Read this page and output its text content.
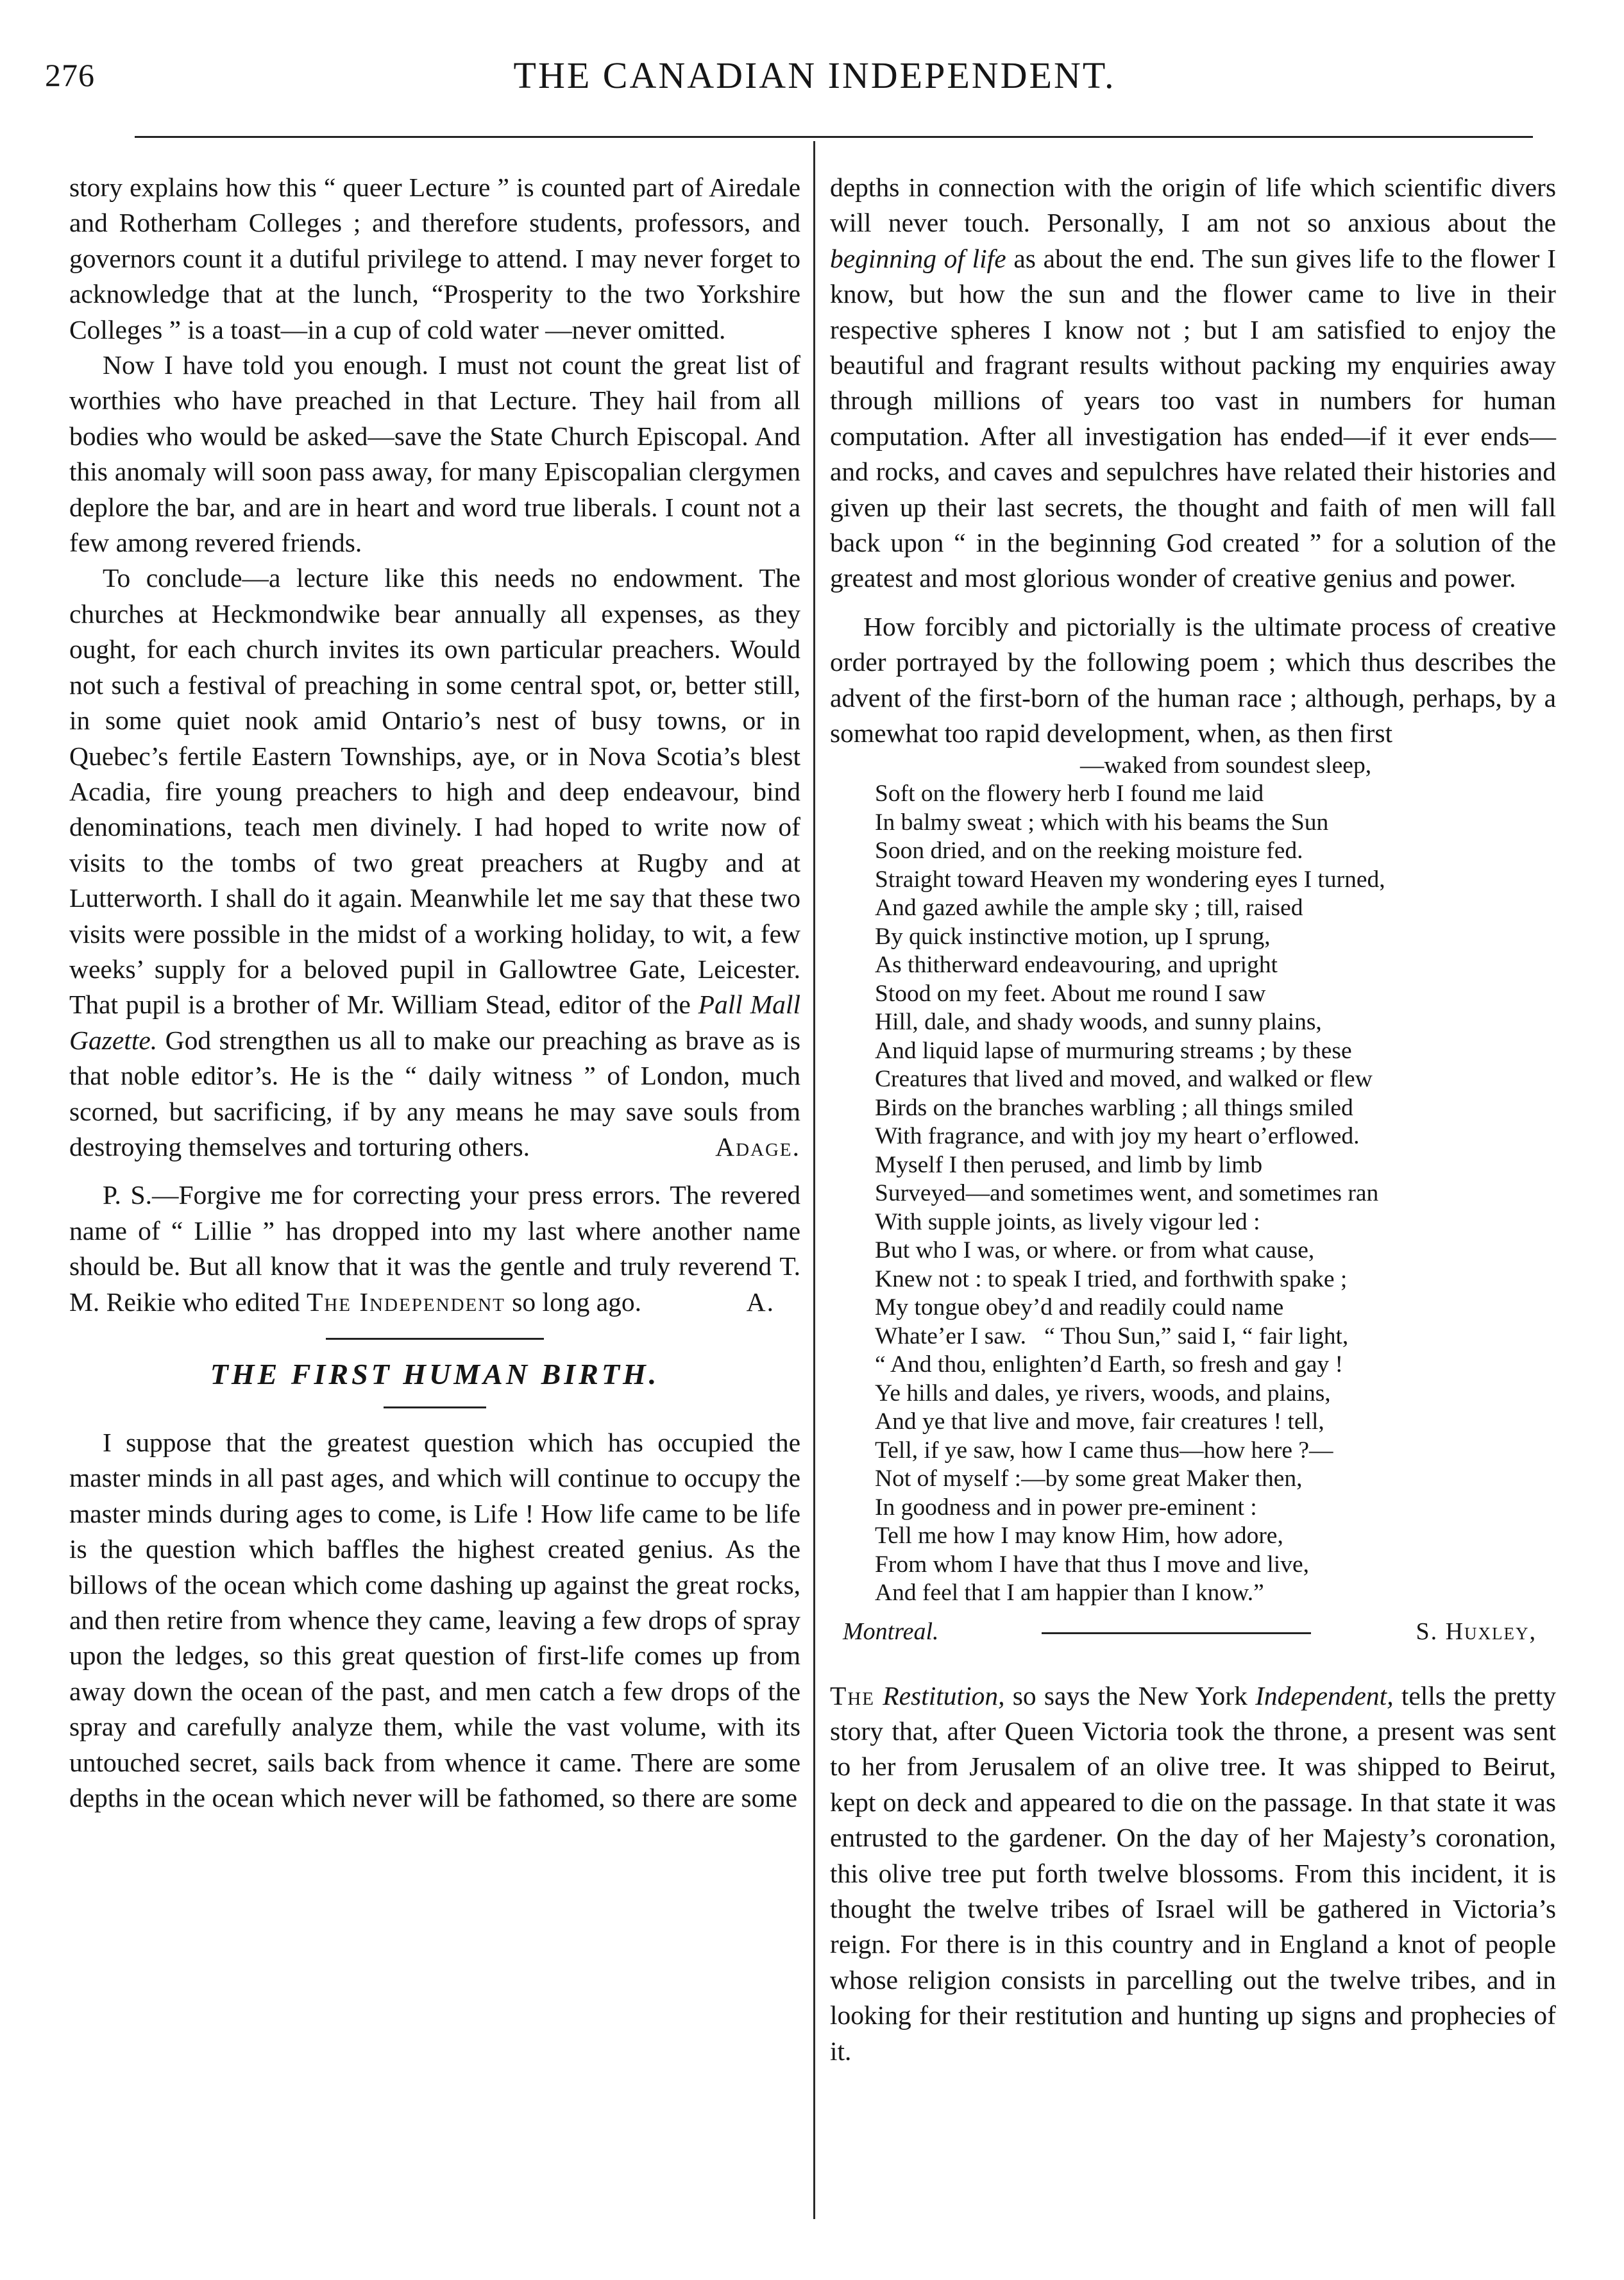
276	THE CANADIAN INDEPENDENT.

story explains how this “ queer Lecture ” is counted part of Airedale and Rotherham Colleges ; and therefore students, professors, and governors count it a dutiful privilege to attend. I may never forget to acknowledge that at the lunch, “Prosperity to the two Yorkshire Colleges ” is a toast—in a cup of cold water —never omitted.

Now I have told you enough. I must not count the great list of worthies who have preached in that Lecture. They hail from all bodies who would be asked—save the State Church Episcopal. And this anomaly will soon pass away, for many Episcopalian clergymen deplore the bar, and are in heart and word true liberals. I count not a few among revered friends.

To conclude—a lecture like this needs no endowment. The churches at Heckmondwike bear annually all expenses, as they ought, for each church invites its own particular preachers. Would not such a festival of preaching in some central spot, or, better still, in some quiet nook amid Ontario’s nest of busy towns, or in Quebec’s fertile Eastern Townships, aye, or in Nova Scotia’s blest Acadia, fire young preachers to high and deep endeavour, bind denominations, teach men divinely. I had hoped to write now of visits to the tombs of two great preachers at Rugby and at Lutterworth. I shall do it again. Meanwhile let me say that these two visits were possible in the midst of a working holiday, to wit, a few weeks’ supply for a beloved pupil in Gallowtree Gate, Leicester. That pupil is a brother of Mr. William Stead, editor of the Pall Mall Gazette. God strengthen us all to make our preaching as brave as is that noble editor’s. He is the “ daily witness ” of London, much scorned, but sacrificing, if by any means he may save souls from destroying themselves and torturing others.	Adage.

P. S.—Forgive me for correcting your press errors. The revered name of “ Lillie ” has dropped into my last where another name should be. But all know that it was the gentle and truly reverend T. M. Reikie who edited The Independent so long ago.	A.

THE FIRST HUMAN BIRTH.

I suppose that the greatest question which has occupied the master minds in all past ages, and which will continue to occupy the master minds during ages to come, is Life ! How life came to be life is the question which baffles the highest created genius. As the billows of the ocean which come dashing up against the great rocks, and then retire from whence they came, leaving a few drops of spray upon the ledges, so this great question of first-life comes up from away down the ocean of the past, and men catch a few drops of the spray and carefully analyze them, while the vast volume, with its untouched secret, sails back from whence it came. There are some depths in the ocean which never will be fathomed, so there are some

depths in connection with the origin of life which scientific divers will never touch. Personally, I am not so anxious about the beginning of life as about the end. The sun gives life to the flower I know, but how the sun and the flower came to live in their respective spheres I know not ; but I am satisfied to enjoy the beautiful and fragrant results without packing my enquiries away through millions of years too vast in numbers for human computation. After all investigation has ended—if it ever ends—and rocks, and caves and sepulchres have related their histories and given up their last secrets, the thought and faith of men will fall back upon “ in the beginning God created ” for a solution of the greatest and most glorious wonder of creative genius and power.

How forcibly and pictorially is the ultimate process of creative order portrayed by the following poem ; which thus describes the advent of the first-born of the human race ; although, perhaps, by a somewhat too rapid development, when, as then first

—waked from soundest sleep,
Soft on the flowery herb I found me laid
In balmy sweat ; which with his beams the Sun
Soon dried, and on the reeking moisture fed.
Straight toward Heaven my wondering eyes I turned,
And gazed awhile the ample sky ; till, raised
By quick instinctive motion, up I sprung,
As thitherward endeavouring, and upright
Stood on my feet. About me round I saw
Hill, dale, and shady woods, and sunny plains,
And liquid lapse of murmuring streams ; by these
Creatures that lived and moved, and walked or flew
Birds on the branches warbling ; all things smiled
With fragrance, and with joy my heart o’erflowed.
Myself I then perused, and limb by limb
Surveyed—and sometimes went, and sometimes ran
With supple joints, as lively vigour led :
But who I was, or where. or from what cause,
Knew not : to speak I tried, and forthwith spake ;
My tongue obey’d and readily could name
Whate’er I saw.   “ Thou Sun,” said I, “ fair light,
“ And thou, enlighten’d Earth, so fresh and gay !
Ye hills and dales, ye rivers, woods, and plains,
And ye that live and move, fair creatures ! tell,
Tell, if ye saw, how I came thus—how here ?—
Not of myself :—by some great Maker then,
In goodness and in power pre-eminent :
Tell me how I may know Him, how adore,
From whom I have that thus I move and live,
And feel that I am happier than I know.”
Montreal.	S. Huxley,

The Restitution, so says the New York Independent, tells the pretty story that, after Queen Victoria took the throne, a present was sent to her from Jerusalem of an olive tree. It was shipped to Beirut, kept on deck and appeared to die on the passage. In that state it was entrusted to the gardener. On the day of her Majesty’s coronation, this olive tree put forth twelve blossoms. From this incident, it is thought the twelve tribes of Israel will be gathered in Victoria’s reign. For there is in this country and in England a knot of people whose religion consists in parcelling out the twelve tribes, and in looking for their restitution and hunting up signs and prophecies of it.
